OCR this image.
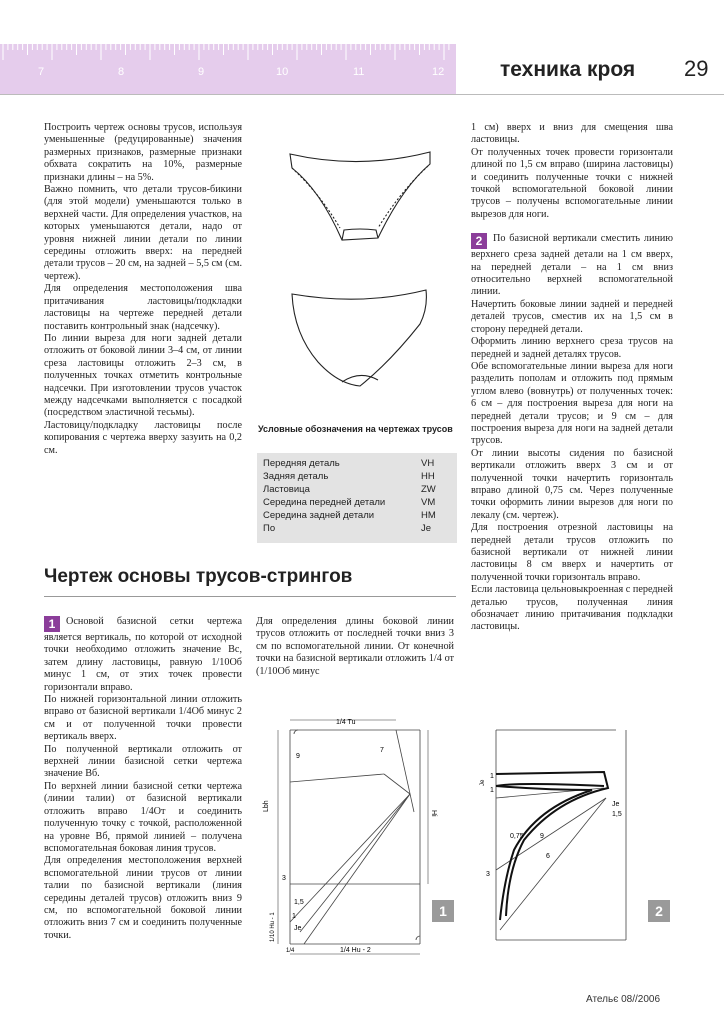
7	8	9	10	11	12	техника кроя 29

Построить чертеж основы трусов, используя уменьшенные (редуцированные) значения размерных признаков, размерные признаки обхвата сократить на 10%, размерные признаки длины – на 5%.

Важно помнить, что детали трусов-бикини (для этой модели) уменьшаются только в верхней части. Для определения участков, на которых уменьшаются детали, надо от уровня нижней линии детали по линии середины отложить вверх: на передней детали трусов – 20 см, на задней – 5,5 см (см. чертеж).

Для определения местоположения шва притачивания ластовицы/подкладки ластовицы на чертеже передней детали поставить контрольный знак (надсечку).

По линии выреза для ноги задней детали отложить от боковой линии 3–4 см, от линии среза ластовицы отложить 2–3 см, в полученных точках отметить контрольные надсечки. При изготовлении трусов участок между надсечками выполняется с посадкой (посредством эластичной тесьмы).

Ластовицу/подкладку ластовицы после копирования с чертежа вверху зазуить на 0,2 см.

Условные обозначения на чертежах трусов
Передняя деталь	VH
Задняя деталь	HH
Ластовица	ZW
Середина передней детали	VM
Середина задней детали	HM
По	Je

1 см) вверх и вниз для смещения шва ластовицы.

От полученных точек провести горизонтали длиной по 1,5 см вправо (ширина ластовицы) и соединить полученные точки с нижней точкой вспомогательной боковой линии трусов – получены вспомогательные линии вырезов для ноги.

2 По базисной вертикали сместить линию верхнего среза задней детали на 1 см вверх, на передней детали – на 1 см вниз относительно верхней вспомогательной линии.

Начертить боковые линии задней и передней деталей трусов, сместив их на 1,5 см в сторону передней детали.

Оформить линию верхнего среза трусов на передней и задней деталях трусов.

Обе вспомогательные линии выреза для ноги разделить пополам и отложить под прямым углом влево (вовнутрь) от полученных точек: 6 см – для построения выреза для ноги на передней детали трусов; и 9 см – для построения выреза для ноги на задней детали трусов.

От линии высоты сидения по базисной вертикали отложить вверх 3 см и от полученной точки начертить горизонталь вправо длиной 0,75 см. Через полученные точки оформить линии вырезов для ноги по лекалу (см. чертеж).

Для построения отрезной ластовицы на передней детали трусов отложить по базисной вертикали от нижней линии ластовицы 8 см вверх и начертить от полученной точки горизонталь вправо.

Если ластовица цельновыкроенная с передней деталью трусов, полученная линия обозначает линию притачивания подкладки ластовицы.

Чертеж основы трусов-стрингов

1 Основой базисной сетки чертежа является вертикаль, по которой от исходной точки необходимо отложить значение Вс, затем длину ластовицы, равную 1/10Об минус 1 см, от этих точек провести горизонтали вправо.

По нижней горизонтальной линии отложить вправо от базисной вертикали 1/4Об минус 2 см и от полученной точки провести вертикаль вверх.

По полученной вертикали отложить от верхней линии базисной сетки чертежа значение Вб.

По верхней линии базисной сетки чертежа (линии талии) от базисной вертикали отложить вправо 1/4От и соединить полученную точку с точкой, расположенной на уровне Вб, прямой линией – получена вспомогательная боковая линия трусов.

Для определения местоположения верхней вспомогательной линии трусов от линии талии по базисной вертикали (линия середины деталей трусов) отложить вниз 9 см, по вспомогательной боковой линии отложить вниз 7 см и соединить полученные точки.

Для определения длины боковой линии трусов отложить от последней точки вниз 3 см по вспомогательной линии. От конечной точки на базисной вертикали отложить 1/4 от (1/10Об минус

1/4 Tu
Lbh
Hi
1/4 Hu - 2
9
7
1,5
3
1
Je
1/10 Hu - 1
1/4
1
Je
1
1
0,75 9
6
3
Je
1,5
2
Ательє 08//2006
